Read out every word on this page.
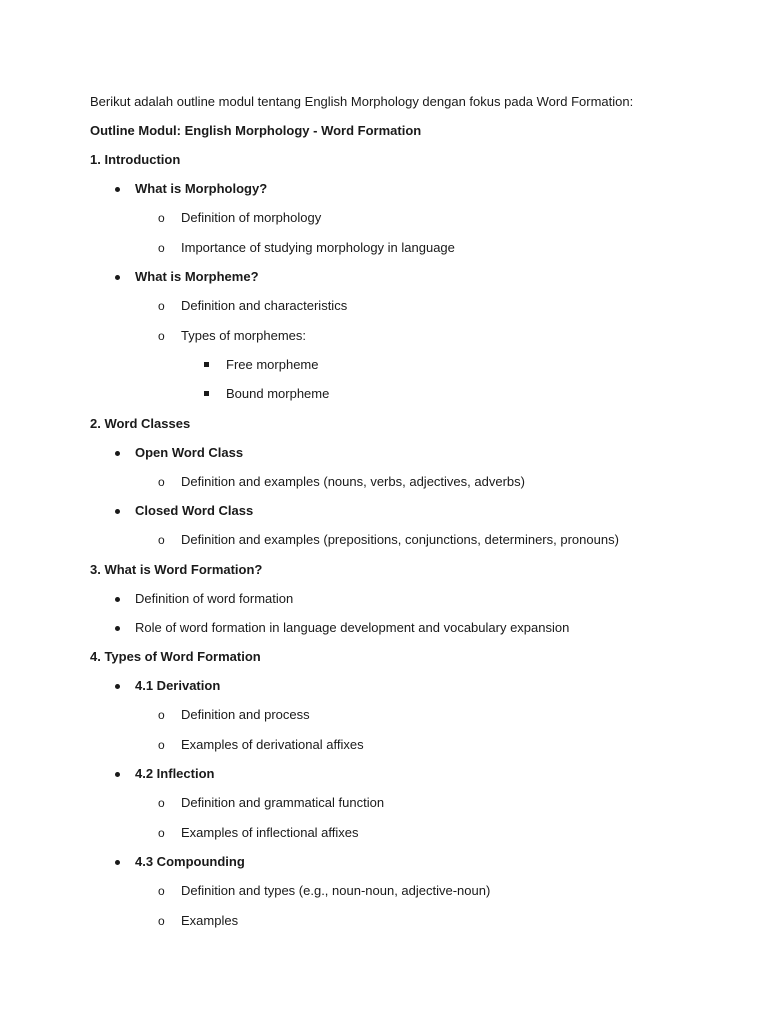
Berikut adalah outline modul tentang English Morphology dengan fokus pada Word Formation:
Outline Modul: English Morphology - Word Formation
1. Introduction
What is Morphology?
o Definition of morphology
o Importance of studying morphology in language
What is Morpheme?
o Definition and characteristics
o Types of morphemes:
Free morpheme
Bound morpheme
2. Word Classes
Open Word Class
o Definition and examples (nouns, verbs, adjectives, adverbs)
Closed Word Class
o Definition and examples (prepositions, conjunctions, determiners, pronouns)
3. What is Word Formation?
Definition of word formation
Role of word formation in language development and vocabulary expansion
4. Types of Word Formation
4.1 Derivation
o Definition and process
o Examples of derivational affixes
4.2 Inflection
o Definition and grammatical function
o Examples of inflectional affixes
4.3 Compounding
o Definition and types (e.g., noun-noun, adjective-noun)
o Examples
